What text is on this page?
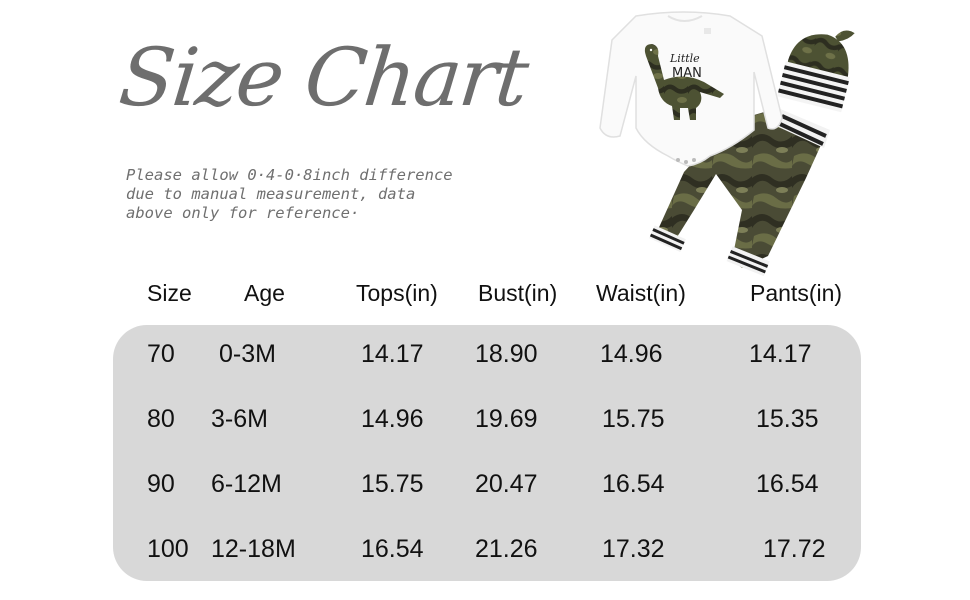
Size Chart
Please allow 0·4-0·8inch difference
due to manual measurement, data
above only for reference·
Little
MAN
Size Age	Tops(in) Bust(in) Waist(in)	Pants(in)
70 0-3M	14.17 18.90 14.96	14.17
80 3-6M	14.96 19.69	15.75	15.35
90 6-12M	15.75 20.47	16.54	16.54
100 12-18M	16.54 21.26	17.32	17.72
